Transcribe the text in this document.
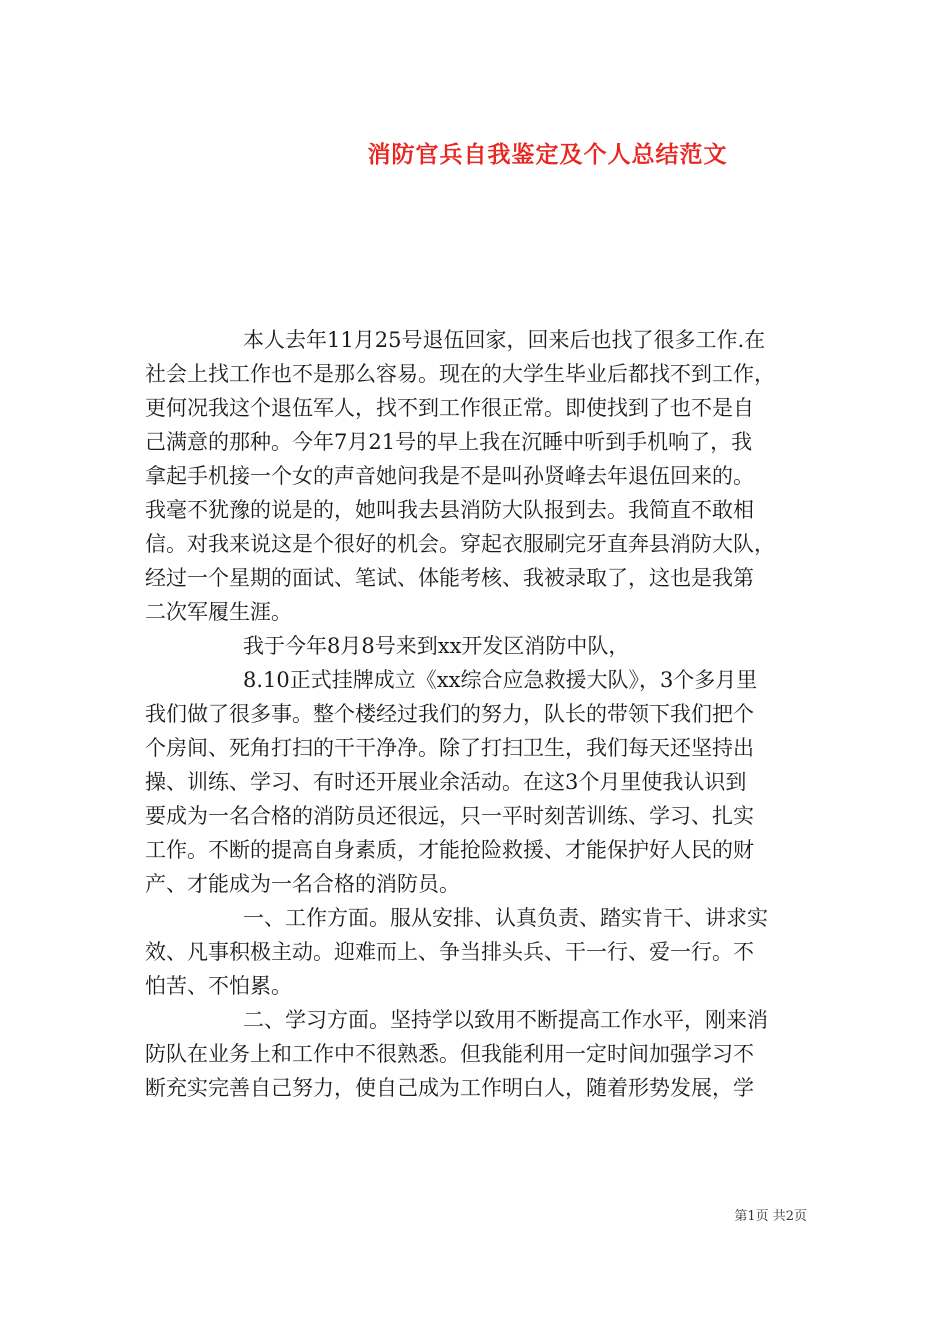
消防官兵自我鉴定及个人总结范文

本人去年11月25号退伍回家，回来后也找了很多工作.在

社会上找工作也不是那么容易。现在的大学生毕业后都找不到工作，

更何况我这个退伍军人，找不到工作很正常。即使找到了也不是自

己满意的那种。今年7月21号的早上我在沉睡中听到手机响了，我

拿起手机接一个女的声音她问我是不是叫孙贤峰去年退伍回来的。

我毫不犹豫的说是的，她叫我去县消防大队报到去。我简直不敢相

信。对我来说这是个很好的机会。穿起衣服刷完牙直奔县消防大队，

经过一个星期的面试、笔试、体能考核、我被录取了，这也是我第

二次军履生涯。

我于今年8月8号来到xx开发区消防中队，

8.10正式挂牌成立《xx综合应急救援大队》，3个多月里

我们做了很多事。整个楼经过我们的努力，队长的带领下我们把个

个房间、死角打扫的干干净净。除了打扫卫生，我们每天还坚持出

操、训练、学习、有时还开展业余活动。在这3个月里使我认识到

要成为一名合格的消防员还很远，只一平时刻苦训练、学习、扎实

工作。不断的提高自身素质，才能抢险救援、才能保护好人民的财

产、才能成为一名合格的消防员。

一、工作方面。服从安排、认真负责、踏实肯干、讲求实

效、凡事积极主动。迎难而上、争当排头兵、干一行、爱一行。不

怕苦、不怕累。

二、学习方面。坚持学以致用不断提高工作水平，刚来消

防队在业务上和工作中不很熟悉。但我能利用一定时间加强学习不

断充实完善自己努力，使自己成为工作明白人，随着形势发展，学

第1页 共2页
